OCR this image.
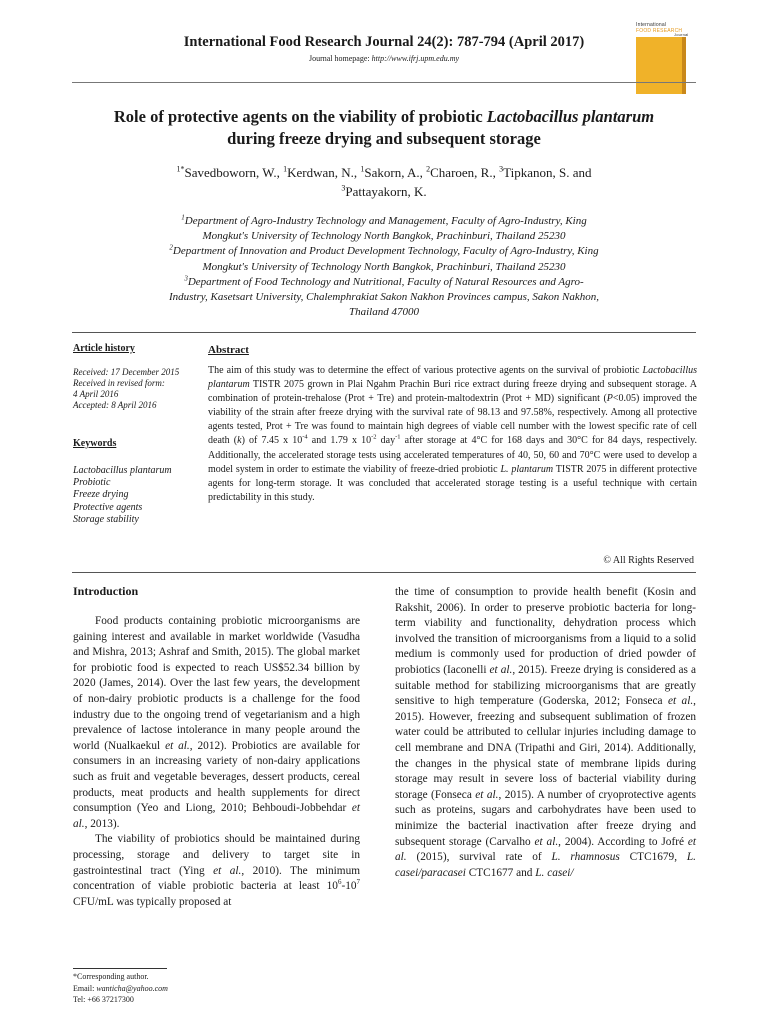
International Food Research Journal 24(2): 787-794 (April 2017)
Journal homepage: http://www.ifrj.upm.edu.my
International
FOOD RESEARCH
Journal
Role of protective agents on the viability of probiotic Lactobacillus plantarum
during freeze drying and subsequent storage
$^{1*}$Savedboworn, W., $^1$Kerdwan, N., $^1$Sakorn, A., $^2$Charoen, R., $^3$Tipkanon, S. and
$^3$Pattayakorn, K.
$^1$Department of Agro-Industry Technology and Management, Faculty of Agro-Industry, King
Mongkut's University of Technology North Bangkok, Prachinburi, Thailand 25230
$^2$Department of Innovation and Product Development Technology, Faculty of Agro-Industry, King
Mongkut's University of Technology North Bangkok, Prachinburi, Thailand 25230
$^3$Department of Food Technology and Nutritional, Faculty of Natural Resources and Agro-
Industry, Kasetsart University, Chalemphrakiat Sakon Nakhon Provinces campus, Sakon Nakhon,
Thailand 47000
Article history
Received: 17 December 2015
Received in revised form:
4 April 2016
Accepted: 8 April 2016
Keywords
Lactobacillus plantarum
Probiotic
Freeze drying
Protective agents
Storage stability
Abstract
The aim of this study was to determine the effect of various protective agents on the survival of probiotic Lactobacillus plantarum TISTR 2075 grown in Plai Ngahm Prachin Buri rice extract during freeze drying and subsequent storage. A combination of protein-trehalose (Prot + Tre) and protein-maltodextrin (Prot + MD) significant (P<0.05) improved the viability of the strain after freeze drying with the survival rate of 98.13 and 97.58%, respectively. Among all protective agents tested, Prot + Tre was found to maintain high degrees of viable cell number with the lowest specific rate of cell death (k) of 7.45 x $10^{-4}$ and 1.79 x $10^{-2}$ day$^{-1}$ after storage at 4°C for 168 days and 30°C for 84 days, respectively. Additionally, the accelerated storage tests using accelerated temperatures of 40, 50, 60 and 70°C were used to develop a model system in order to estimate the viability of freeze-dried probiotic L. plantarum TISTR 2075 in different protective agents for long-term storage. It was concluded that accelerated storage testing is a useful technique with certain predictability in this study.
© All Rights Reserved
Introduction

Food products containing probiotic microorganisms are gaining interest and available in market worldwide (Vasudha and Mishra, 2013; Ashraf and Smith, 2015). The global market for probiotic food is expected to reach US$52.34 billion by 2020 (James, 2014). Over the last few years, the development of non-dairy probiotic products is a challenge for the food industry due to the ongoing trend of vegetarianism and a high prevalence of lactose intolerance in many people around the world (Nualkaekul et al., 2012). Probiotics are available for consumers in an increasing variety of non-dairy applications such as fruit and vegetable beverages, dessert products, cereal products, meat products and health supplements for direct consumption (Yeo and Liong, 2010; Behboudi-Jobbehdar et al., 2013).

The viability of probiotics should be maintained during processing, storage and delivery to target site in gastrointestinal tract (Ying et al., 2010). The minimum concentration of viable probiotic bacteria at least $10^6-10^7$ CFU/mL was typically proposed at

the time of consumption to provide health benefit (Kosin and Rakshit, 2006). In order to preserve probiotic bacteria for long-term viability and functionality, dehydration process which involved the transition of microorganisms from a liquid to a solid medium is commonly used for production of dried powder of probiotics (Iaconelli et al., 2015). Freeze drying is considered as a suitable method for stabilizing microorganisms that are greatly sensitive to high temperature (Goderska, 2012; Fonseca et al., 2015). However, freezing and subsequent sublimation of frozen water could be attributed to cellular injuries including damage to cell membrane and DNA (Tripathi and Giri, 2014). Additionally, the changes in the physical state of membrane lipids during storage may result in severe loss of bacterial viability during storage (Fonseca et al., 2015). A number of cryoprotective agents such as proteins, sugars and carbohydrates have been used to minimize the bacterial inactivation after freeze drying and subsequent storage (Carvalho et al., 2004). According to Jofré et al. (2015), survival rate of L. rhamnosus CTC1679, L. casei/paracasei CTC1677 and L. casei/

*Corresponding author.
Email: wanticha@yahoo.com
Tel: +66 37217300
